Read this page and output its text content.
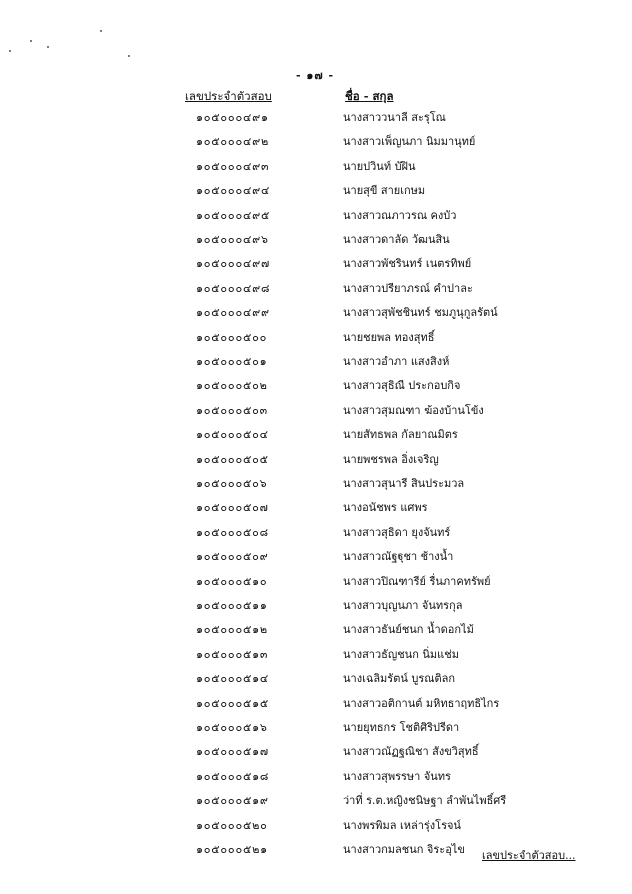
- ๑๗ -
เลขประจำตัวสอบ	ชื่อ - สกุล
๑๐๕๐๐๐๔๙๑	นางสาววนาลี สะรุโณ
๑๐๕๐๐๐๔๙๒	นางสาวเพ็ญนภา นิมมานุทย์
๑๐๕๐๐๐๔๙๓	นายปวินท์ บัฝิน
๑๐๕๐๐๐๔๙๔	นายสุขี สายเกษม
๑๐๕๐๐๐๔๙๕	นางสาวณภาวรณ คงบัว
๑๐๕๐๐๐๔๙๖	นางสาวดาลัด วัฒนสิน
๑๐๕๐๐๐๔๙๗	นางสาวพัชรินทร์ เนตรทิพย์
๑๐๕๐๐๐๔๙๘	นางสาวปรียาภรณ์ คำปาละ
๑๐๕๐๐๐๔๙๙	นางสาวสุพัชชินทร์ ชมภูนุกูลรัตน์
๑๐๕๐๐๐๕๐๐	นายชยพล ทองสุทธิ์
๑๐๕๐๐๐๕๐๑	นางสาวอำภา แสงสิงห์
๑๐๕๐๐๐๕๐๒	นางสาวสุธิณี ประกอบกิจ
๑๐๕๐๐๐๕๐๓	นางสาวสุมณฑา ฆ้องบ้านโข้ง
๑๐๕๐๐๐๕๐๔	นายสัทธพล กัลยาณมิตร
๑๐๕๐๐๐๕๐๕	นายพชรพล อิ่งเจริญ
๑๐๕๐๐๐๕๐๖	นางสาวสุนารี สินประมวล
๑๐๕๐๐๐๕๐๗	นางอนัชพร แศพร
๑๐๕๐๐๐๕๐๘	นางสาวสุธิดา ยุงจันทร์
๑๐๕๐๐๐๕๐๙	นางสาวณัฐฐุชา ช้างน้ำ
๑๐๕๐๐๐๕๑๐	นางสาวปิณฑารีย์ รื่นภาคทรัพย์
๑๐๕๐๐๐๕๑๑	นางสาวบุญนภา จันทรกุล
๑๐๕๐๐๐๕๑๒	นางสาวธันย์ชนก น้ำดอกไม้
๑๐๕๐๐๐๕๑๓	นางสาวธัญชนก นิ่มแช่ม
๑๐๕๐๐๐๕๑๔	นางเฉลิมรัตน์ บูรณติลก
๑๐๕๐๐๐๕๑๕	นางสาวอติกานต์ มหิทธาฤทธิไกร
๑๐๕๐๐๐๕๑๖	นายยุทธกร โชติศิริปรีดา
๑๐๕๐๐๐๕๑๗	นางสาวณัฏฐณิชา สังขวิสุทธิ์
๑๐๕๐๐๐๕๑๘	นางสาวสุพรรษา จันทร
๑๐๕๐๐๐๕๑๙	ว่าที่ ร.ต.หญิงชนิษฐา ลำพันไพธิ์ศรี
๑๐๕๐๐๐๕๒๐	นางพรพิมล เหล่ารุ่งโรจน์
๑๐๕๐๐๐๕๒๑	นางสาวกมลชนก จิระอุไข เลขประจำตัวสอบ...
